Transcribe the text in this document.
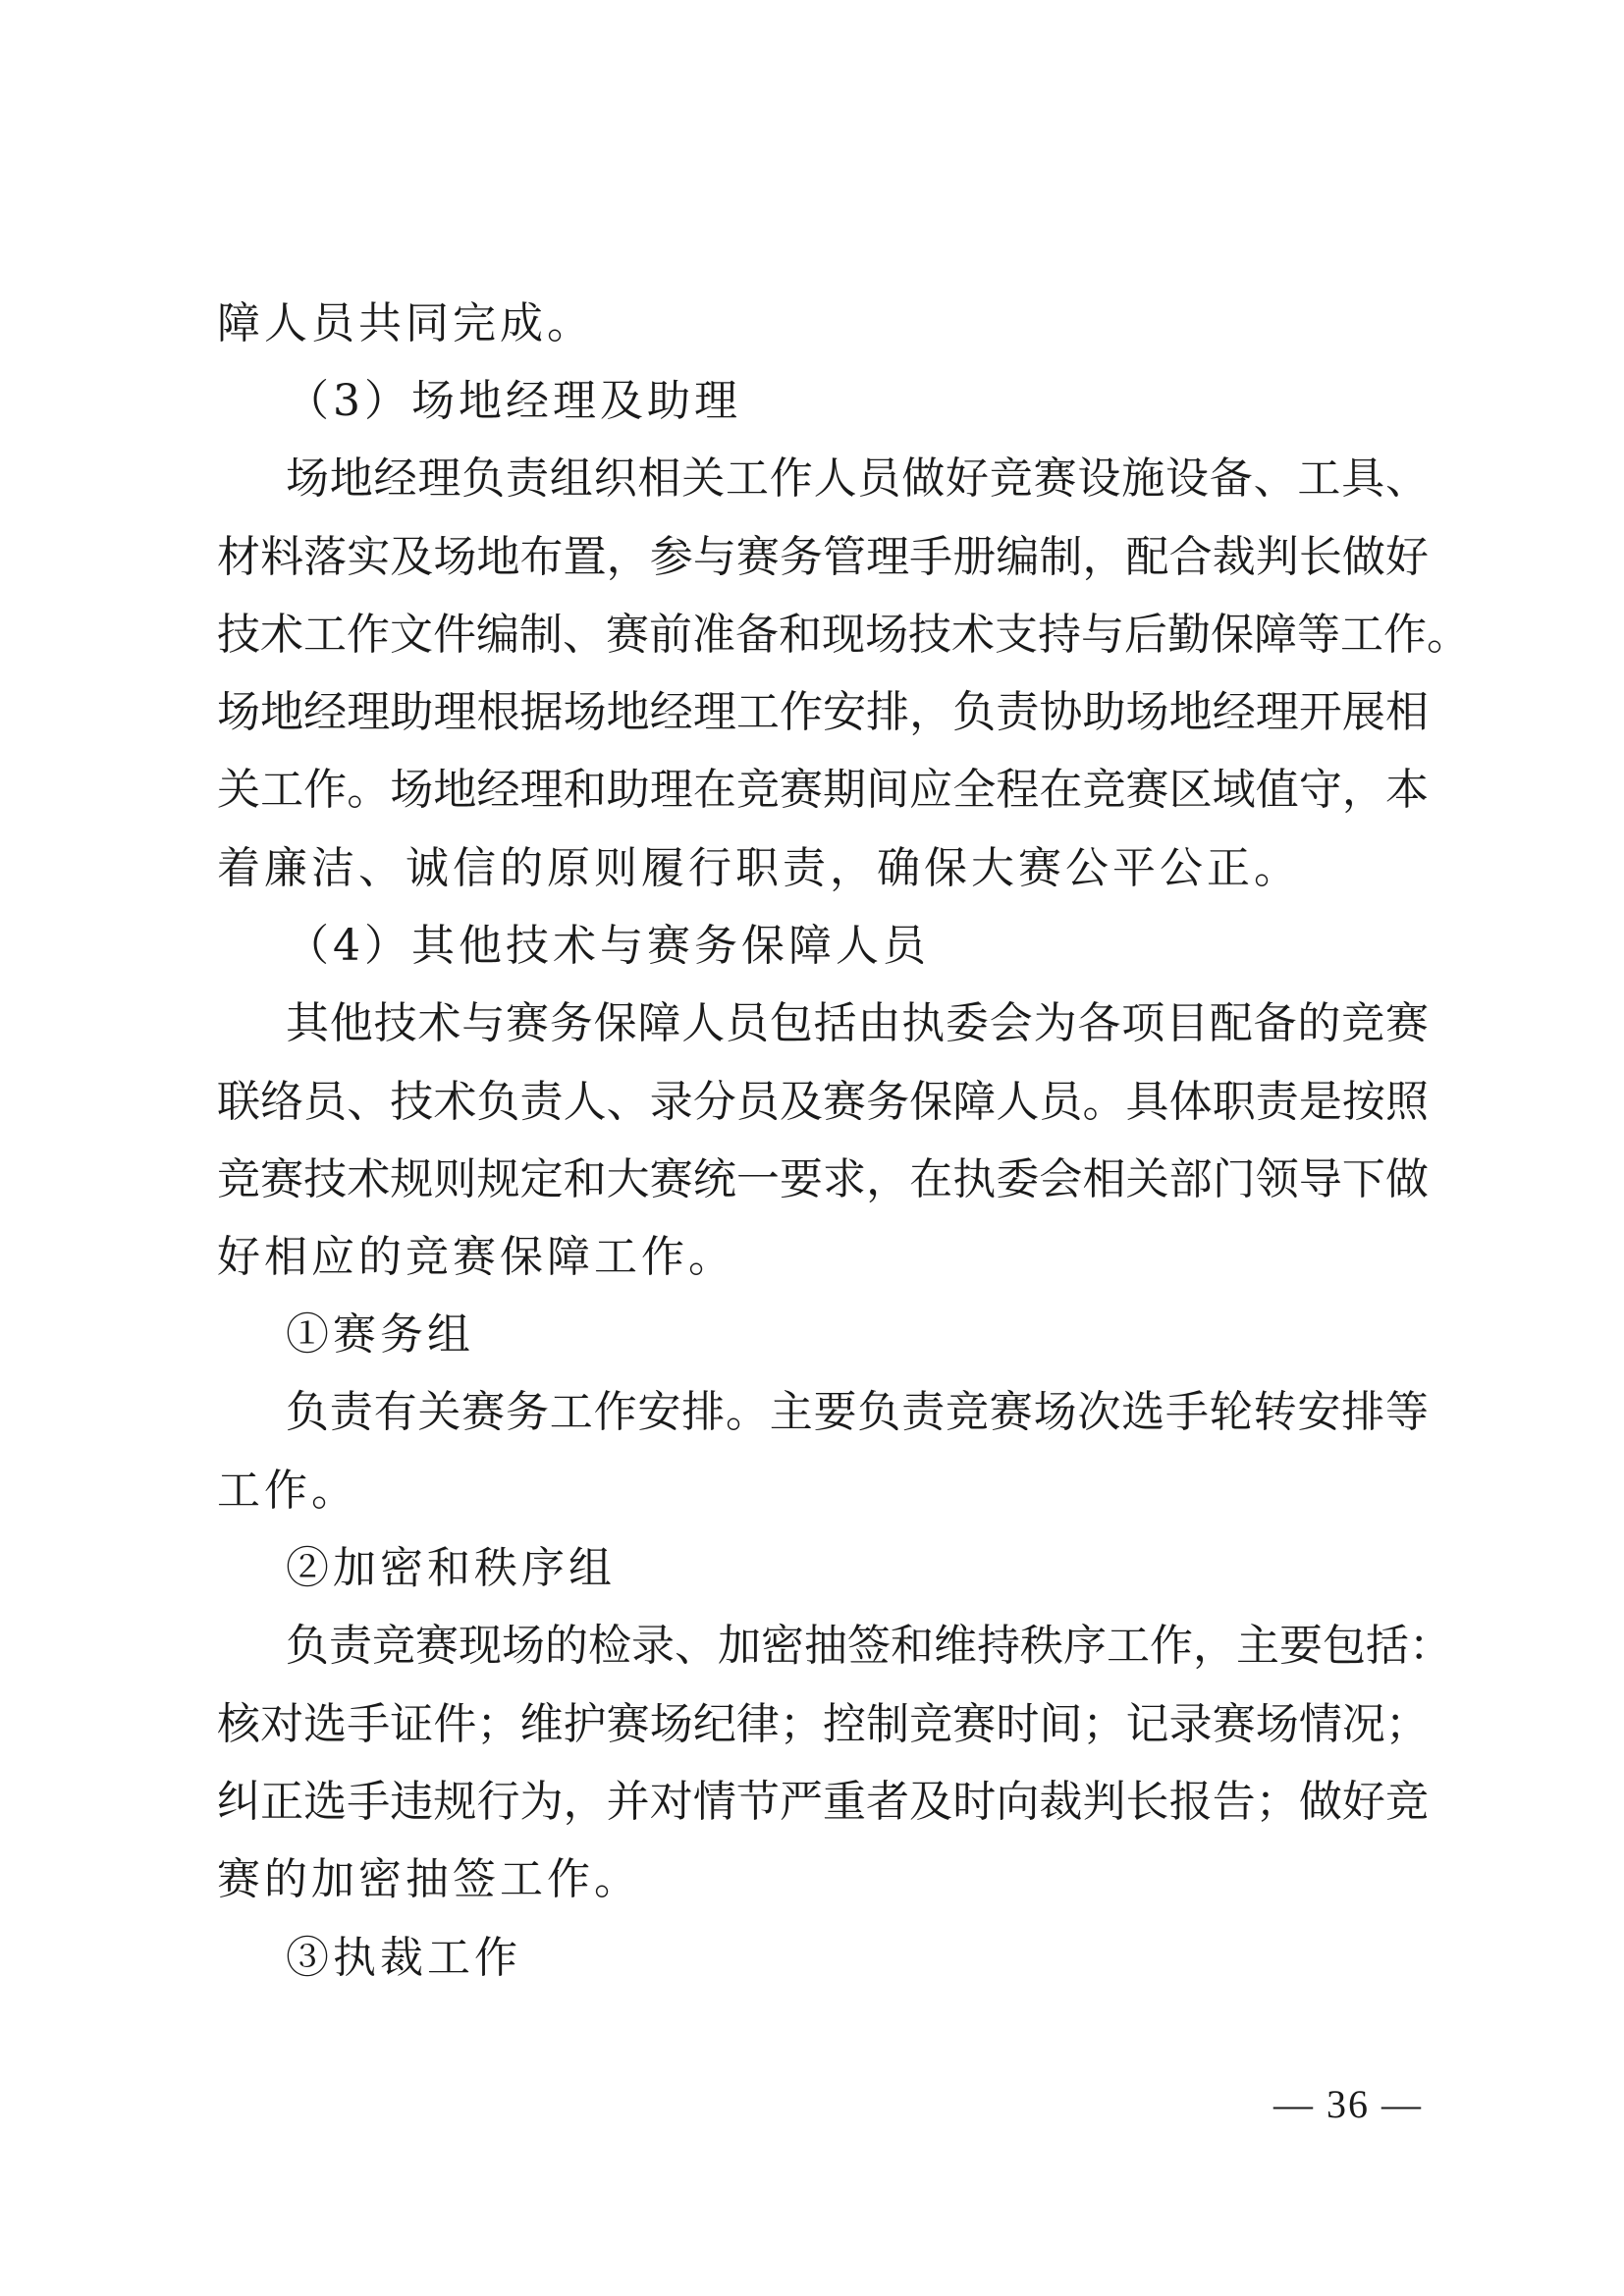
障人员共同完成。
（3）场地经理及助理
场地经理负责组织相关工作人员做好竞赛设施设备、工具、
材料落实及场地布置，参与赛务管理手册编制，配合裁判长做好
技术工作文件编制、赛前准备和现场技术支持与后勤保障等工作。
场地经理助理根据场地经理工作安排，负责协助场地经理开展相
关工作。场地经理和助理在竞赛期间应全程在竞赛区域值守，本
着廉洁、诚信的原则履行职责，确保大赛公平公正。
（4）其他技术与赛务保障人员
其他技术与赛务保障人员包括由执委会为各项目配备的竞赛
联络员、技术负责人、录分员及赛务保障人员。具体职责是按照
竞赛技术规则规定和大赛统一要求，在执委会相关部门领导下做
好相应的竞赛保障工作。
①赛务组
负责有关赛务工作安排。主要负责竞赛场次选手轮转安排等
工作。
②加密和秩序组
负责竞赛现场的检录、加密抽签和维持秩序工作，主要包括：
核对选手证件；维护赛场纪律；控制竞赛时间；记录赛场情况；
纠正选手违规行为，并对情节严重者及时向裁判长报告；做好竞
赛的加密抽签工作。
③执裁工作
— 36 —
